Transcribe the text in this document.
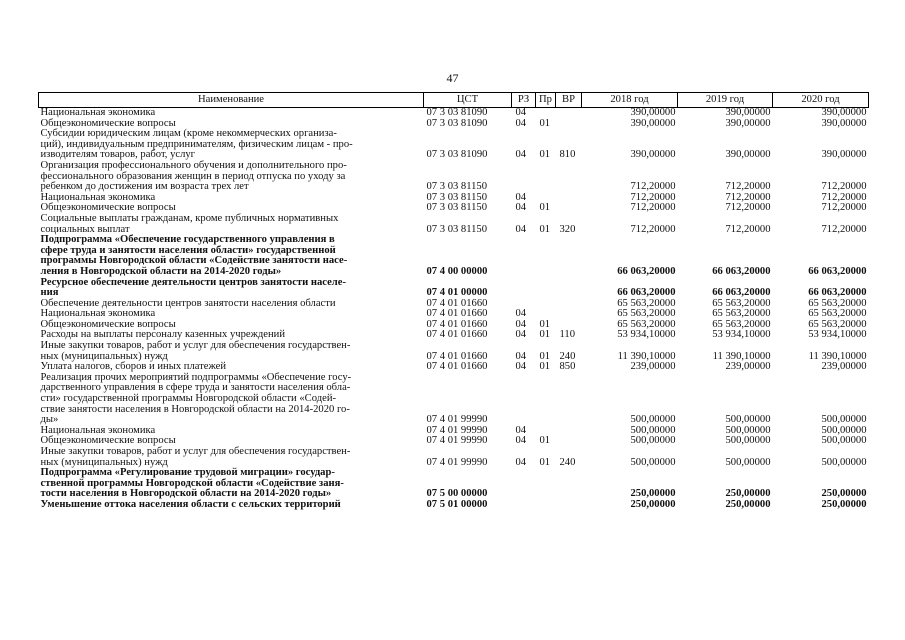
47
Наименование	ЦСТ	РЗ	Пр	ВР	2018 год	2019 год	2020 год
Национальная экономика	07 3 03 81090	04			390,00000	390,00000	390,00000
Общеэкономические вопросы	07 3 03 81090	04	01		390,00000	390,00000	390,00000
Субсидии юридическим лицам (кроме некоммерческих организа-
ций), индивидуальным предпринимателям, физическим лицам - про-
изводителям товаров, работ, услуг	07 3 03 81090	04	01	810	390,00000	390,00000	390,00000
Организация профессионального обучения и дополнительного про-
фессионального образования женщин в период отпуска по уходу за
ребенком до достижения им возраста трех лет	07 3 03 81150				712,20000	712,20000	712,20000
Национальная экономика	07 3 03 81150	04			712,20000	712,20000	712,20000
Общеэкономические вопросы	07 3 03 81150	04	01		712,20000	712,20000	712,20000
Социальные выплаты гражданам, кроме публичных нормативных
социальных выплат	07 3 03 81150	04	01	320	712,20000	712,20000	712,20000
Подпрограмма «Обеспечение государственного управления в
сфере труда и занятости населения области» государственной
программы Новгородской области «Содействие занятости насе-
ления в Новгородской области на 2014-2020 годы»	07 4 00 00000				66 063,20000	66 063,20000	66 063,20000
Ресурсное обеспечение деятельности центров занятости населе-
ния	07 4 01 00000				66 063,20000	66 063,20000	66 063,20000
Обеспечение деятельности центров занятости населения области	07 4 01 01660				65 563,20000	65 563,20000	65 563,20000
Национальная экономика	07 4 01 01660	04			65 563,20000	65 563,20000	65 563,20000
Общеэкономические вопросы	07 4 01 01660	04	01		65 563,20000	65 563,20000	65 563,20000
Расходы на выплаты персоналу казенных учреждений	07 4 01 01660	04	01	110	53 934,10000	53 934,10000	53 934,10000
Иные закупки товаров, работ и услуг для обеспечения государствен-
ных (муниципальных) нужд	07 4 01 01660	04	01	240	11 390,10000	11 390,10000	11 390,10000
Уплата налогов, сборов и иных платежей	07 4 01 01660	04	01	850	239,00000	239,00000	239,00000
Реализация прочих мероприятий подпрограммы «Обеспечение госу-
дарственного управления в сфере труда и занятости населения обла-
сти» государственной программы Новгородской области «Содей-
ствие занятости населения в Новгородской области на 2014-2020 го-
ды»	07 4 01 99990				500,00000	500,00000	500,00000
Национальная экономика	07 4 01 99990	04			500,00000	500,00000	500,00000
Общеэкономические вопросы	07 4 01 99990	04	01		500,00000	500,00000	500,00000
Иные закупки товаров, работ и услуг для обеспечения государствен-
ных (муниципальных) нужд	07 4 01 99990	04	01	240	500,00000	500,00000	500,00000
Подпрограмма «Регулирование трудовой миграции» государ-
ственной программы Новгородской области «Содействие заня-
тости населения в Новгородской области на 2014-2020 годы»	07 5 00 00000				250,00000	250,00000	250,00000
Уменьшение оттока населения области с сельских территорий	07 5 01 00000				250,00000	250,00000	250,00000
